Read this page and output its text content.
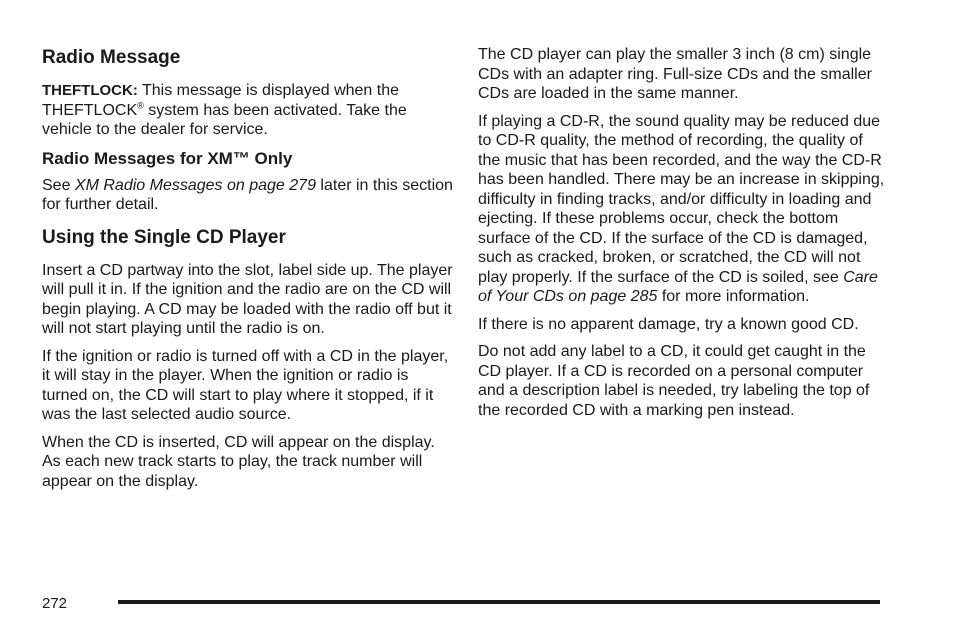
Radio Message

THEFTLOCK: This message is displayed when the THEFTLOCK® system has been activated. Take the vehicle to the dealer for service.

Radio Messages for XM™ Only

See XM Radio Messages on page 279 later in this section for further detail.

Using the Single CD Player

Insert a CD partway into the slot, label side up. The player will pull it in. If the ignition and the radio are on the CD will begin playing. A CD may be loaded with the radio off but it will not start playing until the radio is on.

If the ignition or radio is turned off with a CD in the player, it will stay in the player. When the ignition or radio is turned on, the CD will start to play where it stopped, if it was the last selected audio source.

When the CD is inserted, CD will appear on the display. As each new track starts to play, the track number will appear on the display.

The CD player can play the smaller 3 inch (8 cm) single CDs with an adapter ring. Full-size CDs and the smaller CDs are loaded in the same manner.

If playing a CD-R, the sound quality may be reduced due to CD-R quality, the method of recording, the quality of the music that has been recorded, and the way the CD-R has been handled. There may be an increase in skipping, difficulty in finding tracks, and/or difficulty in loading and ejecting. If these problems occur, check the bottom surface of the CD. If the surface of the CD is damaged, such as cracked, broken, or scratched, the CD will not play properly. If the surface of the CD is soiled, see Care of Your CDs on page 285 for more information.

If there is no apparent damage, try a known good CD.

Do not add any label to a CD, it could get caught in the CD player. If a CD is recorded on a personal computer and a description label is needed, try labeling the top of the recorded CD with a marking pen instead.

272
